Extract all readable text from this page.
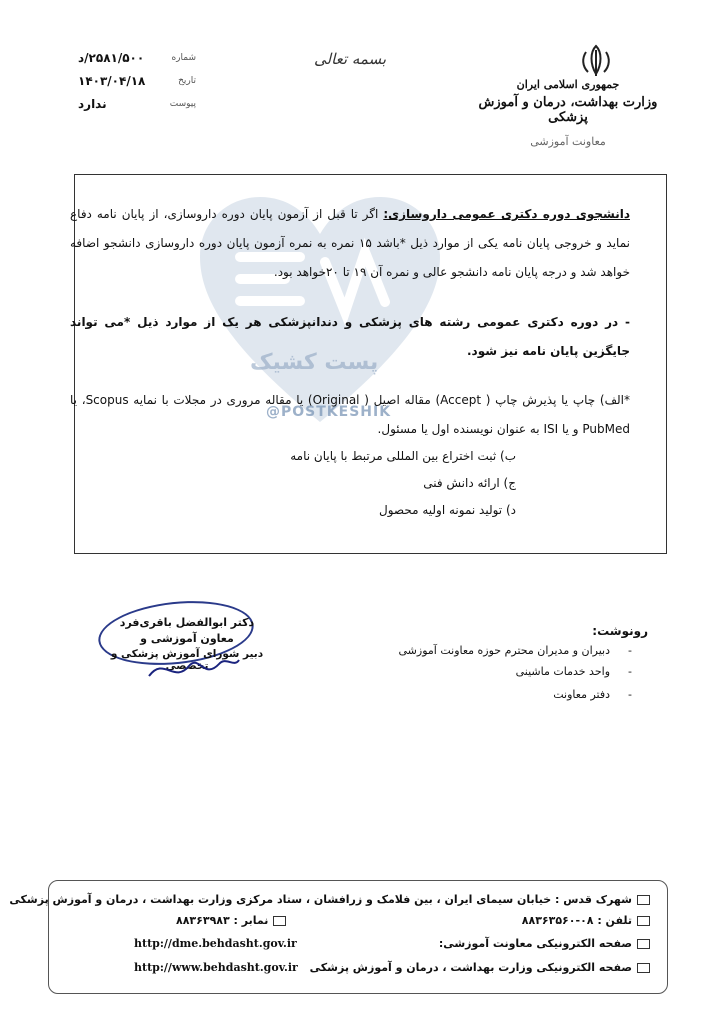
جمهوری اسلامی ایران
وزارت بهداشت، درمان و آموزش پزشکی
معاونت آموزشی
بسمه تعالی
۲۵۸۱/۵۰۰/د	شماره
۱۴۰۳/۰۴/۱۸	تاریخ
ندارد	پیوست
پست کشیک
@POSTKESHIK
دانشجوی دوره دکتری عمومی داروسازی: اگر تا قبل از آزمون پایان دوره داروسازی، از پایان نامه دفاع نماید و خروجی پایان نامه یکی از موارد ذیل *باشد ۱۵ نمره به نمره آزمون پایان دوره داروسازی دانشجو اضافه خواهد شد و درجه پایان نامه دانشجو عالی و نمره آن ۱۹ تا ۲۰خواهد بود.
- در دوره دکتری عمومی رشته های پزشکی و دندانپزشکی هر یک از موارد ذیل *می تواند جایگزین پایان نامه نیز شود.
*الف) چاپ یا پذیرش چاپ ( Accept) مقاله اصیل ( Original) یا مقاله مروری در مجلات با نمایه Scopus، یا PubMed و یا ISI به عنوان نویسنده اول یا مسئول.
ب) ثبت اختراع بین المللی مرتبط با پایان نامه
ج) ارائه دانش فنی
د) تولید نمونه اولیه محصول
رونوشت:
-دبیران و مدیران محترم حوزه معاونت آموزشی
-واحد خدمات ماشینی
-دفتر معاونت
دکتر ابوالفضل باقری‌فرد
معاون آموزشی و
دبیر شورای آموزش پزشکی و تخصصی
شهرک قدس : خیابان سیمای ایران ، بین فلامک و زرافشان ، ستاد مرکزی وزارت بهداشت ، درمان و آموزش پزشکی
تلفن : ۰۸-۸۸۳۶۳۵۶۰
نمابر : ۸۸۳۶۳۹۸۳
صفحه الکترونیکی معاونت آموزشی:
http://dme.behdasht.gov.ir
صفحه الکترونیکی وزارت بهداشت ، درمان و آموزش پزشکی
http://www.behdasht.gov.ir
